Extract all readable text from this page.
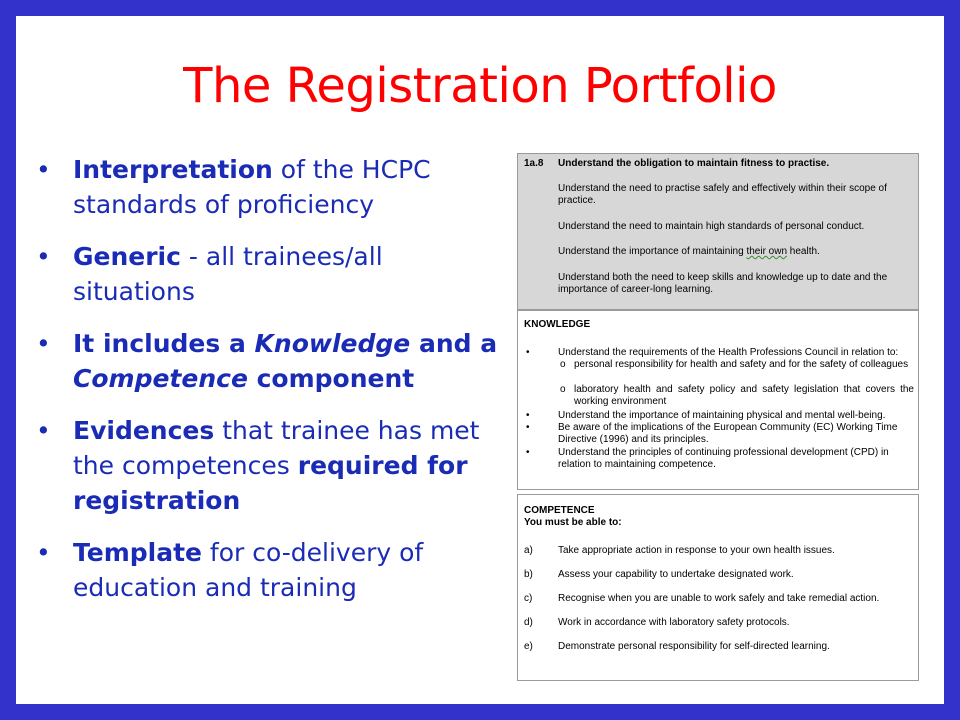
The Registration Portfolio
• Interpretation of the HCPC standards of proficiency
• Generic - all trainees/all situations
• It includes a Knowledge and a Competence component
• Evidences that trainee has met the competences required for registration
• Template for co-delivery of education and training
1a.8 Understand the obligation to maintain fitness to practise.
Understand the need to practise safely and effectively within their scope of practice.
Understand the need to maintain high standards of personal conduct.
Understand the importance of maintaining their own health.
Understand both the need to keep skills and knowledge up to date and the importance of career-long learning.
KNOWLEDGE
•	Understand the requirements of the Health Professions Council in relation to:
o personal responsibility for health and safety and for the safety of colleagues
o laboratory health and safety policy and safety legislation that covers the working environment
•	Understand the importance of maintaining physical and mental well-being.
•	Be aware of the implications of the European Community (EC) Working Time Directive (1996) and its principles.
•	Understand the principles of continuing professional development (CPD) in relation to maintaining competence.
COMPETENCE
You must be able to:
a)	Take appropriate action in response to your own health issues.
b)	Assess your capability to undertake designated work.
c)	Recognise when you are unable to work safely and take remedial action.
d)	Work in accordance with laboratory safety protocols.
e)	Demonstrate personal responsibility for self-directed learning.
